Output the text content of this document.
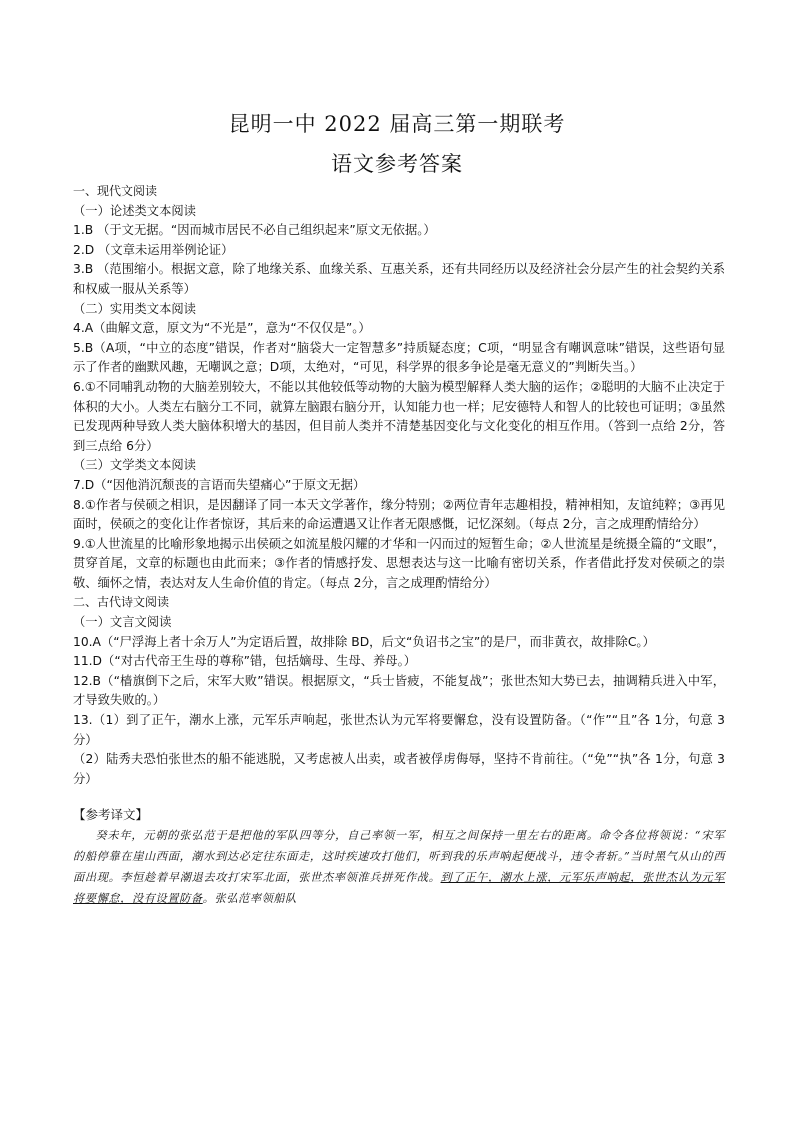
昆明一中 2022 届高三第一期联考
语文参考答案

一、现代文阅读

（一）论述类文本阅读

1.B （于文无据。“因而城市居民不必自己组织起来”原文无依据。）

2.D （文章未运用举例论证）

3.B （范围缩小。根据文意，除了地缘关系、血缘关系、互惠关系，还有共同经历以及经济社会分层产生的社会契约关系和权威一服从关系等）

（二）实用类文本阅读

4.A（曲解文意，原文为“不光是”，意为“不仅仅是”。）

5.B（A项，“中立的态度”错误，作者对“脑袋大一定智慧多”持质疑态度；C项，“明显含有嘲讽意味”错误，这些语句显示了作者的幽默风趣，无嘲讽之意；D项，太绝对，“可见，科学界的很多争论是毫无意义的”判断失当。）

6.①不同哺乳动物的大脑差别较大，不能以其他较低等动物的大脑为模型解释人类大脑的运作；②聪明的大脑不止决定于体积的大小。人类左右脑分工不同，就算左脑跟右脑分开，认知能力也一样；尼安德特人和智人的比较也可证明；③虽然已发现两种导致人类大脑体积增大的基因，但目前人类并不清楚基因变化与文化变化的相互作用。（答到一点给 2分，答到三点给 6分）

（三）文学类文本阅读

7.D（“因他消沉颓丧的言语而失望痛心”于原文无据）

8.①作者与侯硕之相识，是因翻译了同一本天文学著作，缘分特别；②两位青年志趣相投，精神相知，友谊纯粹；③再见面时，侯硕之的变化让作者惊讶，其后来的命运遭遇又让作者无限感慨，记忆深刻。（每点 2分，言之成理酌情给分）

9.①人世流星的比喻形象地揭示出侯硕之如流星般闪耀的才华和一闪而过的短暂生命；②人世流星是统摄全篇的“文眼”，贯穿首尾，文章的标题也由此而来；③作者的情感抒发、思想表达与这一比喻有密切关系，作者借此抒发对侯硕之的崇敬、缅怀之情，表达对友人生命价值的肯定。（每点 2分，言之成理酌情给分）

二、古代诗文阅读

（一）文言文阅读

10.A（“尸浮海上者十余万人”为定语后置，故排除 BD，后文“负诏书之宝”的是尸，而非黄衣，故排除C。）

11.D（“对古代帝王生母的尊称”错，包括嫡母、生母、养母。）

12.B（“樯旗倒下之后，宋军大败”错误。根据原文，“兵士皆疲，不能复战”；张世杰知大势已去，抽调精兵进入中军，才导致失败的。）

13.（1）到了正午，潮水上涨，元军乐声响起，张世杰认为元军将要懈怠，没有设置防备。（“作”“且”各 1分，句意 3分）

（2）陆秀夫恐怕张世杰的船不能逃脱，又考虑被人出卖，或者被俘虏侮辱，坚持不肯前往。（“免”“执”各 1分，句意 3分）

【参考译文】

癸未年，元朝的张弘范于是把他的军队四等分，自己率领一军，相互之间保持一里左右的距离。命令各位将领说：“宋军的船停靠在崖山西面，潮水到达必定往东面走，这时疾速攻打他们，听到我的乐声响起便战斗，违令者斩。”当时黑气从山的西面出现。李恒趁着早潮退去攻打宋军北面，张世杰率领淮兵拼死作战。到了正午，潮水上涨，元军乐声响起，张世杰认为元军将要懈怠，没有设置防备。张弘范率领船队
